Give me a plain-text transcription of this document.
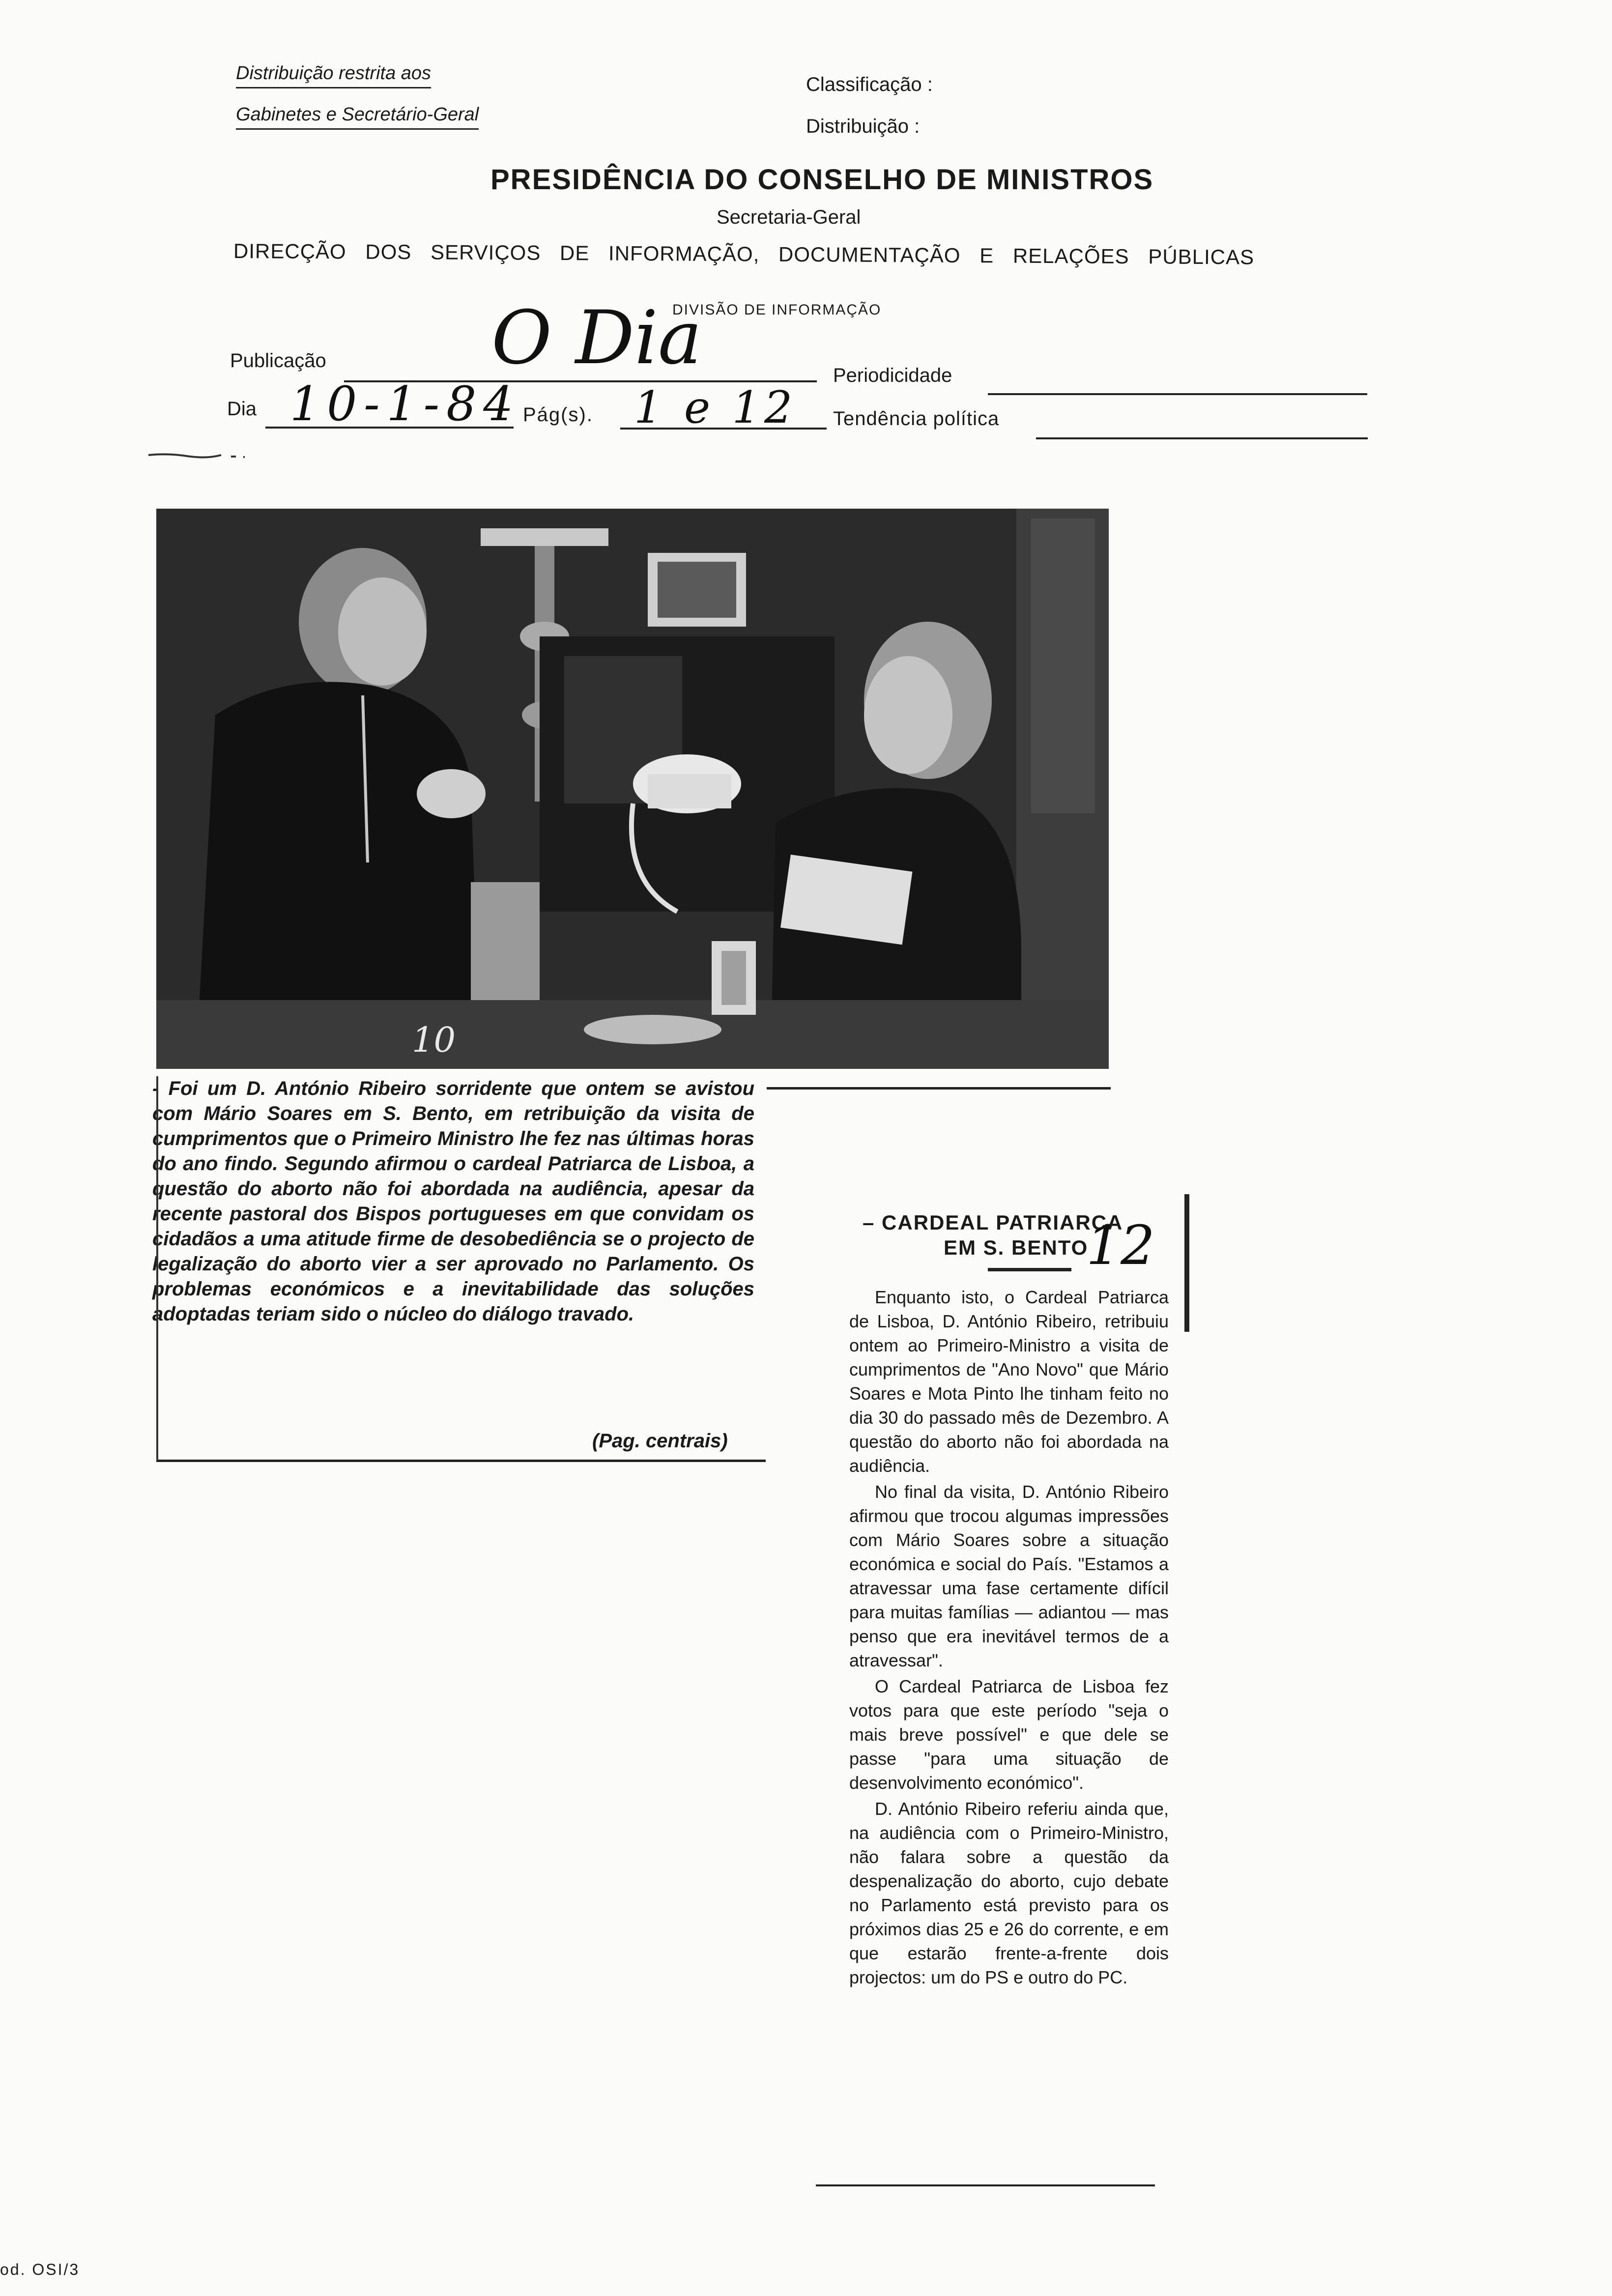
Distribuição restrita aos
Gabinetes e Secretário-Geral
Classificação :
Distribuição :
PRESIDÊNCIA DO CONSELHO DE MINISTROS
Secretaria-Geral
DIRECÇÃO DOS SERVIÇOS DE INFORMAÇÃO, DOCUMENTAÇÃO E RELAÇÕES PÚBLICAS
DIVISÃO DE INFORMAÇÃO
Publicação O Dia	Periodicidade
Dia 10-1-84 Pág(s). 1 e 12 Tendência política
10
- Foi um D. António Ribeiro sorridente que ontem se avistou com Mário Soares em S. Bento, em retribuição da visita de cumprimentos que o Primeiro Ministro lhe fez nas últimas horas do ano findo. Segundo afirmou o cardeal Patriarca de Lisboa, a questão do aborto não foi abordada na audiência, apesar da recente pastoral dos Bispos portugueses em que convidam os cidadãos a uma atitude firme de desobediência se o projecto de legalização do aborto vier a ser aprovado no Parlamento. Os problemas económicos e a inevitabilidade das soluções adoptadas teriam sido o núcleo do diálogo travado.
(Pag. centrais)
– CARDEAL PATRIARCA
EM S. BENTO
12

Enquanto isto, o Cardeal Patriarca de Lisboa, D. António Ribeiro, retribuiu ontem ao Primeiro-Ministro a visita de cumprimentos de "Ano Novo" que Mário Soares e Mota Pinto lhe tinham feito no dia 30 do passado mês de Dezembro. A questão do aborto não foi abordada na audiência.

No final da visita, D. António Ribeiro afirmou que trocou algumas impressões com Mário Soares sobre a situação económica e social do País. "Estamos a atravessar uma fase certamente difícil para muitas famílias — adiantou — mas penso que era inevitável termos de a atravessar".

O Cardeal Patriarca de Lisboa fez votos para que este período "seja o mais breve possível" e que dele se passe "para uma situação de desenvolvimento económico".

D. António Ribeiro referiu ainda que, na audiência com o Primeiro-Ministro, não falara sobre a questão da despenalização do aborto, cujo debate no Parlamento está previsto para os próximos dias 25 e 26 do corrente, e em que estarão frente-a-frente dois projectos: um do PS e outro do PC.

od. OSI/3
